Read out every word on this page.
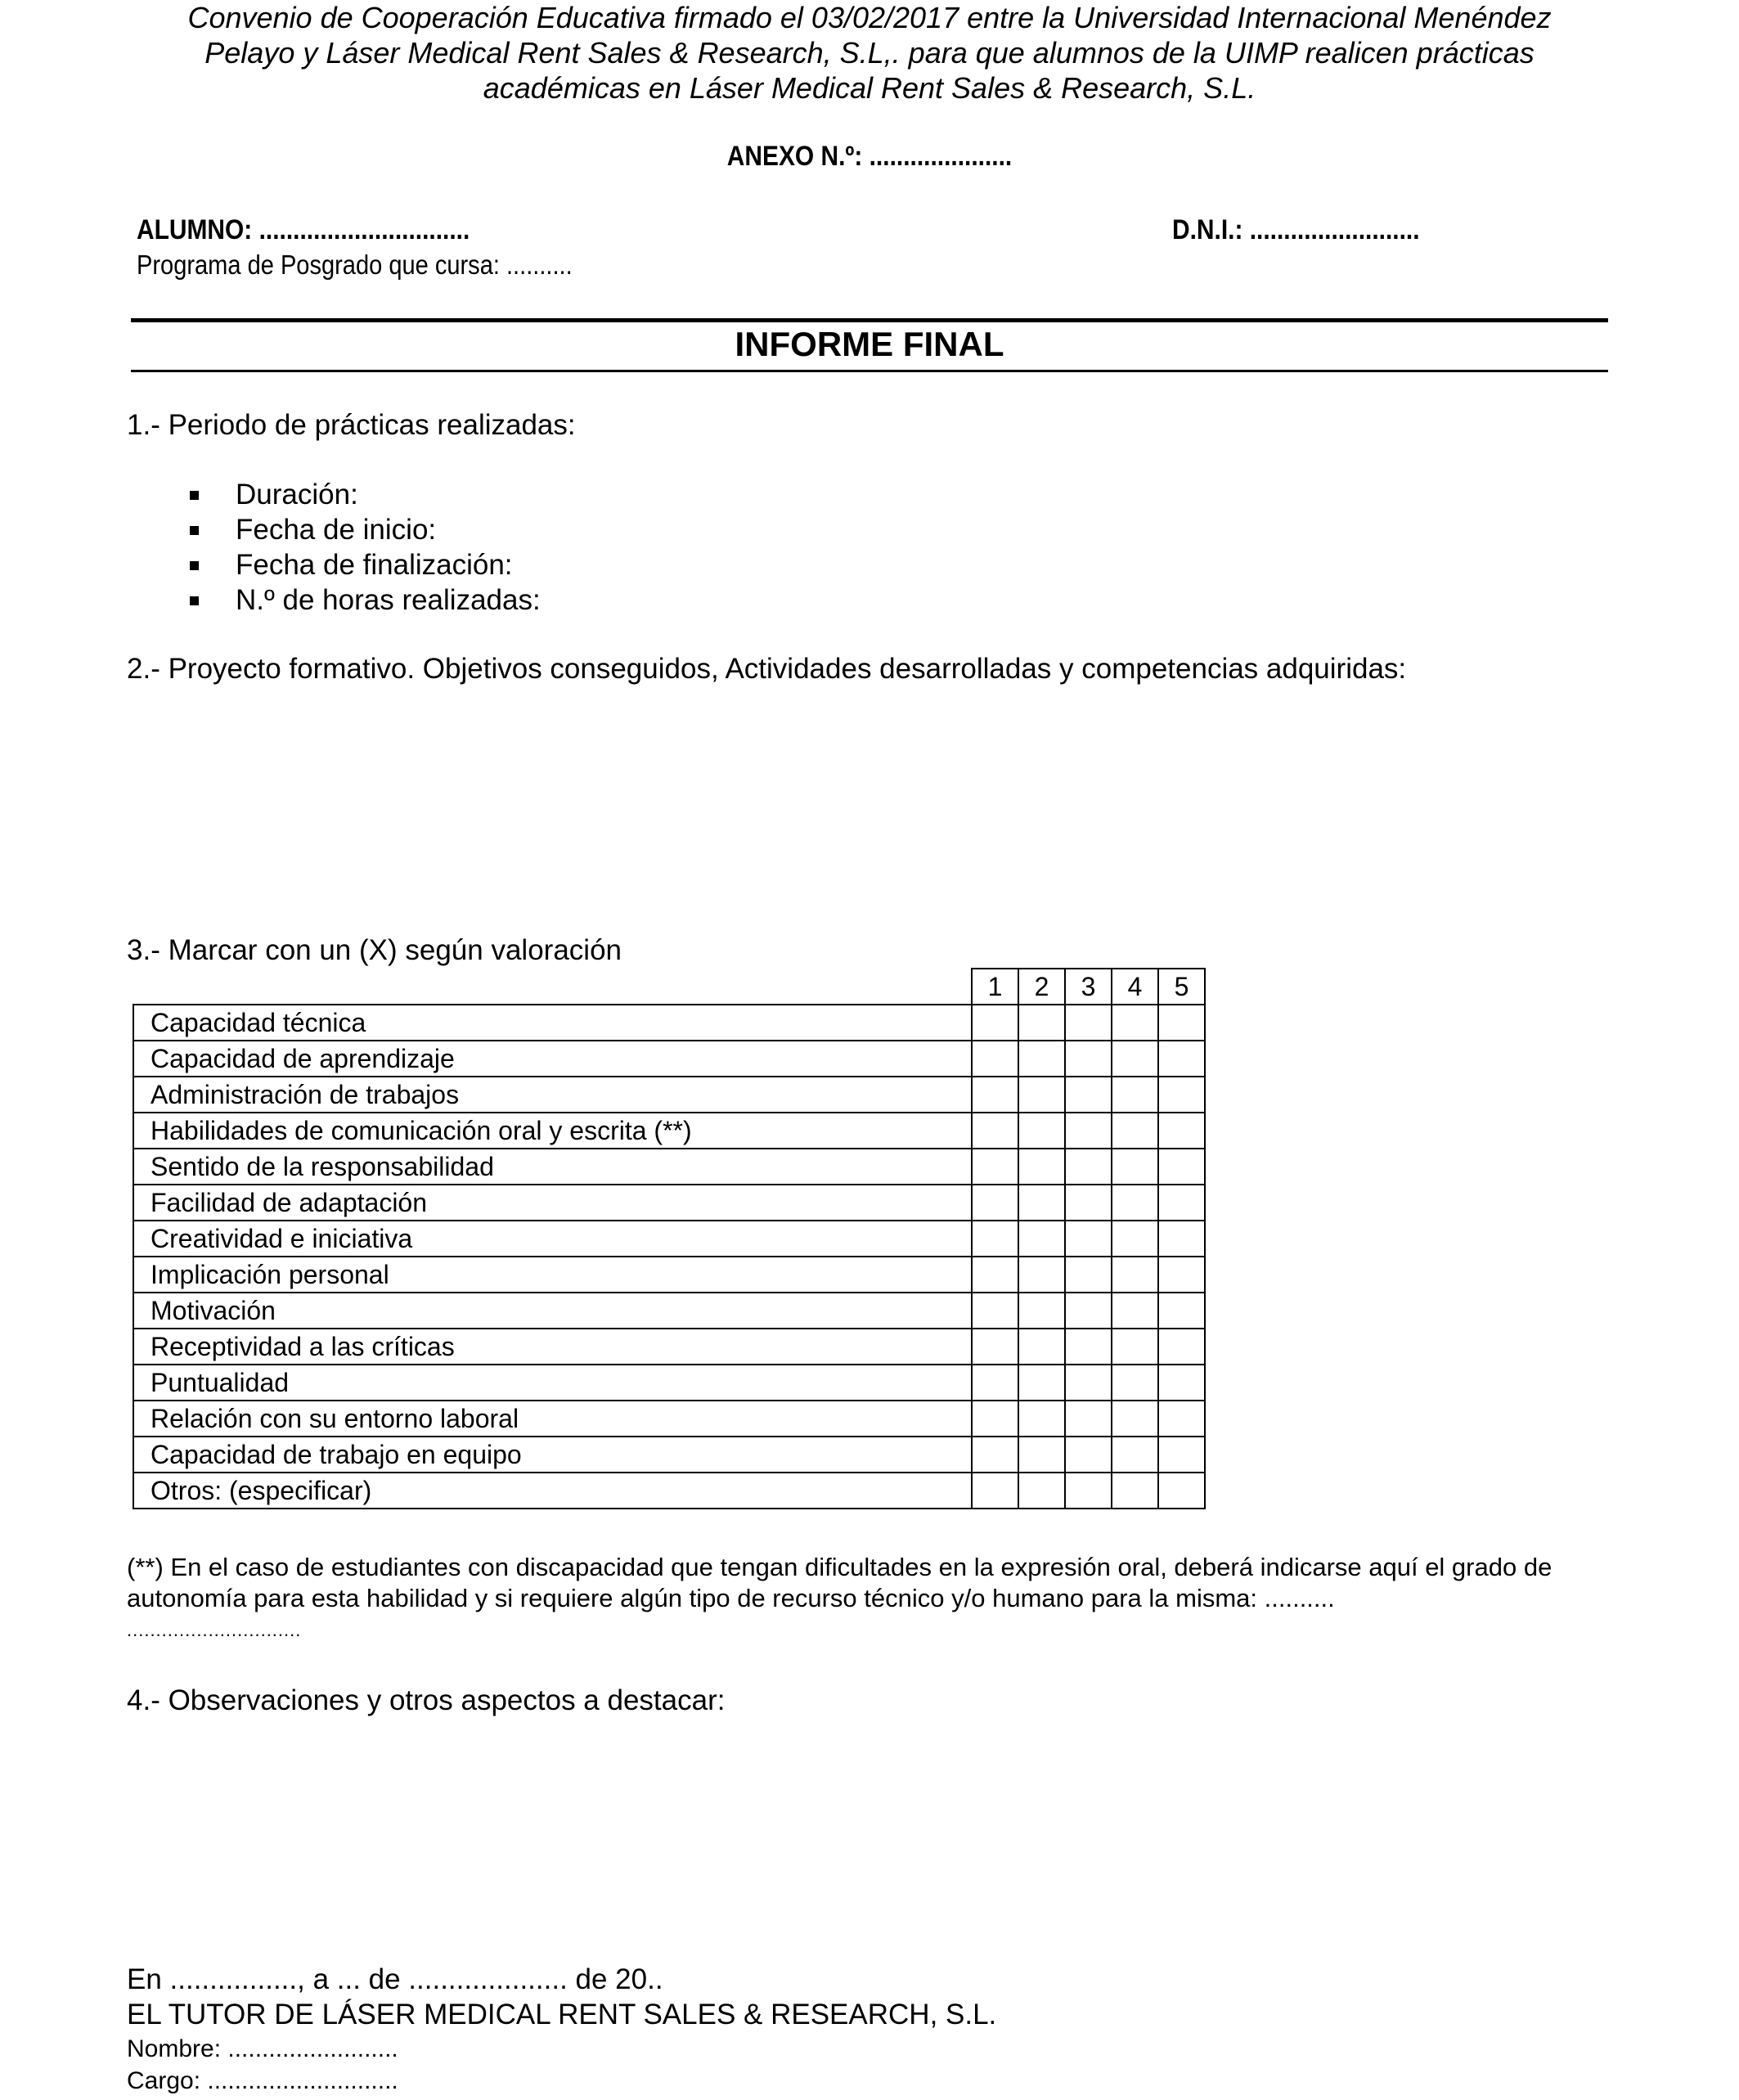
Convenio de Cooperación Educativa firmado el 03/02/2017 entre la Universidad Internacional Menéndez
Pelayo y Láser Medical Rent Sales & Research, S.L,. para que alumnos de la UIMP realicen prácticas
académicas en Láser Medical Rent Sales & Research, S.L.
ANEXO N.º: .....................
ALUMNO: ...............................	D.N.I.: .........................
Programa de Posgrado que cursa: ..........
INFORME FINAL
1.- Periodo de prácticas realizadas:
Duración:
Fecha de inicio:
Fecha de finalización:
N.º de horas realizadas:
2.- Proyecto formativo. Objetivos conseguidos, Actividades desarrolladas y competencias adquiridas:
3.- Marcar con un (X) según valoración
	1	2	3	4	5
Capacidad técnica					
Capacidad de aprendizaje					
Administración de trabajos					
Habilidades de comunicación oral y escrita (**)					
Sentido de la responsabilidad					
Facilidad de adaptación					
Creatividad e iniciativa					
Implicación personal					
Motivación					
Receptividad a las críticas					
Puntualidad					
Relación con su entorno laboral					
Capacidad de trabajo en equipo					
Otros: (especificar)					
(**) En el caso de estudiantes con discapacidad que tengan dificultades en la expresión oral, deberá indicarse aquí el grado de autonomía para esta habilidad y si requiere algún tipo de recurso técnico y/o humano para la misma: ..........
..............................
4.- Observaciones y otros aspectos a destacar:
En ................, a ... de .................... de 20..
EL TUTOR DE LÁSER MEDICAL RENT SALES & RESEARCH, S.L.
Nombre: .........................
Cargo: ............................
